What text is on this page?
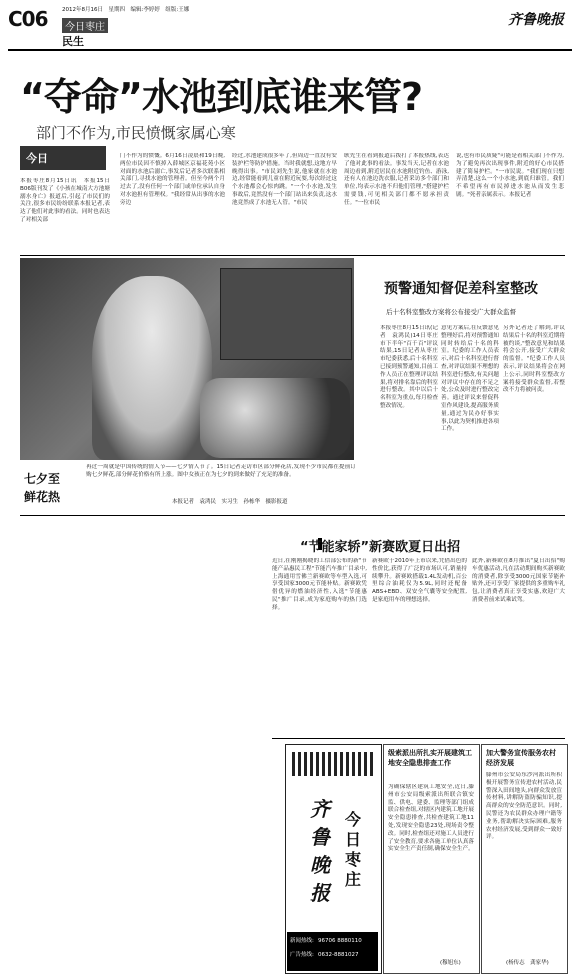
C06	2012年8月16日　星期四　编辑:李婷婷　组版:王娜
今日枣庄
民生
齐鲁晚报
“夺命”水池到底谁来管?
部门不作为,市民愤慨家属心寒
今日
本报枣庄8月15日讯　本报15日B06版刊发了《小孩在城南大方池塘溺水身亡》报道后,引起了市民们的关注,很多市民纷纷联系本报记者,表达了他们对此事的看法。同时也表达了对相关部
门不作为的愤慨。6月16日凌晨和19日晚,两位市民因不慎掉入薛城区京福花苑小区对面的水池后溺亡,事发后记者多次联系相关部门,寻找水池的管理者。但至今两个月过去了,没有任何一个部门或单位承认自身对水池担有管理权。"我经常从出事的水池旁边
经过,水池建成很多年了,但周边一直没有安装护栏等防护措施。当时我就想,这地方早晚得出事。"市民刘先生说,他家就在水池边,经常能看到儿童在附近玩耍,每次经过这个水池都会心惊肉跳。"一个小水池,发生事故后,竟然没有一个部门站出来负责,这水池竟然成了水池无人管。"市民
耿先生在看到报道后拨打了本报热线,表达了他对此事的看法。事发当天,记者在水池周边看到,附近居民在水池附近钓鱼、游泳,还有人在池边洗衣服,记者采访多个部门和单位,均表示水池不归他们管理,"搭建护栏需要钱,可见相关部门都不愿承担责任。"一位市民
说,也有市民质疑"可能是看相关部门不作为,为了避免再次出现事件,附近的好心市民搭建了简易护栏。"一市民说。"我们现在只想弄清楚,这么一个小水池,到底归谁管。我们不希望再有市民掉进水池从而发生悲剧。"死者亲属表示。本报记者
七夕至
鲜花热
再过一周就是中国传统的情人节——七夕情人节了。15日记者走访市区部分鲜花店,发现不少市民都在提前订购七夕鲜花,部分鲜花价格有所上涨。图中女孩正在为七夕的到来做好了充足的准备。
本报记者　袁鸿民　实习生　孙栋华　摄影报道
预警通知督促差科室整改
后十名科室整改方案将公布接受广大群众监督
本报枣庄8月15日讯(记者　袁鸿民)14日枣庄市下半年"百千百"评议结果,15日记者从枣庄市纪委获悉,后十名科室已接到预警通知,目前工作人员正在整理评议结果,将对排名靠后的科室进行整改。其中以后十名科室为重点,每月检查整改情况。
意见方案后,在反馈意见整理好后,将对预警通知同时转给后十名的科室。纪委的工作人员表示,对后十名科室进行督查,对评议结果不理想的科室进行整改,有关问题对评议中存在的不足之处,公众及时进行整改完善。通过评议来督促科室作风建设,提高服务质量,通过为民办好事实事,以此为契机推进各项工作。
另外记者还了解到,评议结果后十名的科室近期将被约谈,"整改意见和结果将会公开,接受广大群众的监督。"纪委工作人员表示,评议结果将会在网上公示,同时科室整改方案将接受群众监督,若整改不力将被问责。
“节能家轿”新赛欧夏日出招
近日,在刚刚揭晓的工信部公布的新"节能产品惠民工程"节能汽车推广目录中,上海通用雪佛兰新赛欧等车型入选,可享受国家3000元节能补贴。新赛欧凭借优异的燃油经济性,入选"节能惠民"推广目录,成为家庭购车的热门选择。
新赛欧于2010年上市以来,凭借出色的性价比,获得了广泛的市场认可,销量持续攀升。新赛欧搭载1.4L发动机,百公里综合油耗仅为5.9L,同时还配备ABS+EBD、双安全气囊等安全配置,是家庭用车的理想选择。
此外,新赛欧在8月推出"夏日出招"购车优惠活动,凡在活动期间购买新赛欧的消费者,除享受3000元国家节能补贴外,还可享受厂家提供的多重购车礼包,让消费者真正享受实惠,欢迎广大消费者前来试乘试驾。
齐鲁晚报
今日枣庄
新闻热线: 96706 8880110
广告热线: 0632-8881027
级索派出所扎实开展建筑工地安全隐患排查工作
为确保辖区建筑工地安全,近日,滕州市公安局级索派出所联合镇安监、供电、建委、监理等部门组成联合检查组,对辖区内建筑工地开展安全隐患排查,共检查建筑工地11处,发现安全隐患23处,现场责令整改。同时,检查组还对施工人员进行了安全教育,要求各施工单位认真落实安全生产责任制,确保安全生产。
(穆旭东)
加大警务宣传服务农村经济发展
滕州市公安局东沙河派出所积极开展警务宣传进农村活动,民警深入田间地头,向群众发放宣传材料,讲解防盗防骗知识,提高群众的安全防范意识。同时,民警还为农民群众办理户籍等业务,帮助解决实际困难,服务农村经济发展,受到群众一致好评。
(杨传志　龚家华)
